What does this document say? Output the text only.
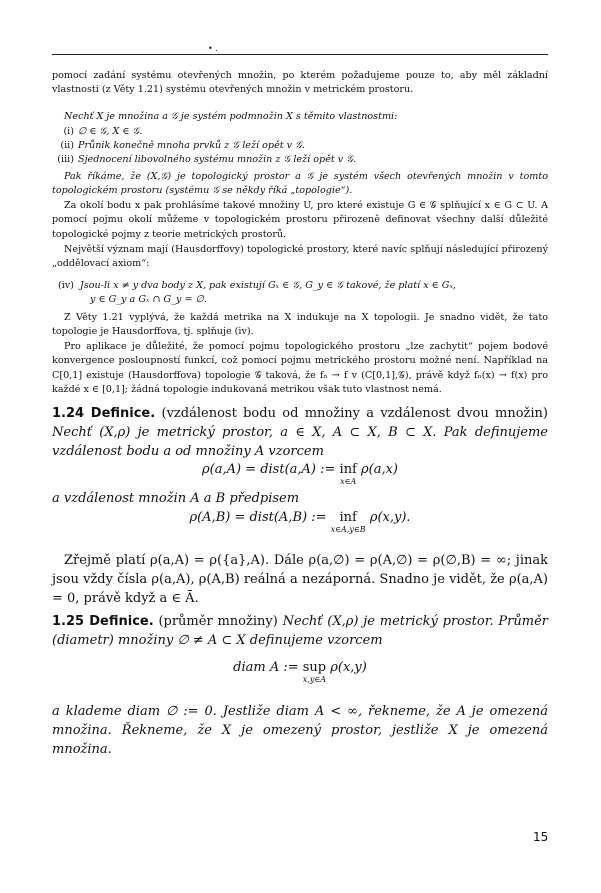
• .
pomocí zadání systému otevřených množin, po kterém požadujeme pouze to, aby měl základní vlastnosti (z Věty 1.21) systému otevřených množin v metrickém prostoru.
Nechť X je množina a 𝒢 je systém podmnožin X s těmito vlastnostmi:
(i) ∅ ∈ 𝒢, X ∈ 𝒢.
(ii) Průnik konečně mnoha prvků z 𝒢 leží opět v 𝒢.
(iii) Sjednocení libovolného systému množin z 𝒢 leží opět v 𝒢.
Pak říkáme, že (X,𝒢) je topologický prostor a 𝒢 je systém všech otevřených množin v tomto topologickém prostoru (systému 𝒢 se někdy říká „topologie“).
Za okolí bodu x pak prohlásíme takové množiny U, pro které existuje G ∈ 𝒢 splňující x ∈ G ⊂ U. A pomocí pojmu okolí můžeme v topologickém prostoru přirozeně definovat všechny další důležité topologické pojmy z teorie metrických prostorů.
Největší význam mají (Hausdorffovy) topologické prostory, které navíc splňují následující přirozený „oddělovací axiom“:
(iv) Jsou-li x ≠ y dva body z X, pak existují Gₓ ∈ 𝒢, G_y ∈ 𝒢 takové, že platí x ∈ Gₓ,
y ∈ G_y a Gₓ ∩ G_y = ∅.
Z Věty 1.21 vyplývá, že každá metrika na X indukuje na X topologii. Je snadno vidět, že tato topologie je Hausdorffova, tj. splňuje (iv).
Pro aplikace je důležité, že pomocí pojmu topologického prostoru „lze zachytit“ pojem bodové konvergence posloupností funkcí, což pomocí pojmu metrického prostoru možné není. Například na C[0,1] existuje (Hausdorffova) topologie 𝒢 taková, že fₙ → f v (C[0,1],𝒢), právě když fₙ(x) → f(x) pro každé x ∈ [0,1]; žádná topologie indukovaná metrikou však tuto vlastnost nemá.
1.24 Definice. (vzdálenost bodu od množiny a vzdálenost dvou množin) Nechť (X,ρ) je metrický prostor, a ∈ X, A ⊂ X, B ⊂ X. Pak definujeme vzdálenost bodu a od množiny A vzorcem
ρ(a,A) = dist(a,A) := inf
x∈A
ρ(a,x)
a vzdálenost množin A a B předpisem
ρ(A,B) = dist(A,B) := inf
x∈A,y∈B
ρ(x,y).
Zřejmě platí ρ(a,A) = ρ({a},A). Dále ρ(a,∅) = ρ(A,∅) = ρ(∅,B) = ∞; jinak jsou vždy čísla ρ(a,A), ρ(A,B) reálná a nezáporná. Snadno je vidět, že ρ(a,A) = 0, právě když a ∈ Ā.
1.25 Definice. (průměr množiny) Nechť (X,ρ) je metrický prostor. Průměr (diametr) množiny ∅ ≠ A ⊂ X definujeme vzorcem
diam A := sup
x,y∈A
ρ(x,y)
a klademe diam ∅ := 0. Jestliže diam A < ∞, řekneme, že A je omezená množina. Řekneme, že X je omezený prostor, jestliže X je omezená množina.
15
